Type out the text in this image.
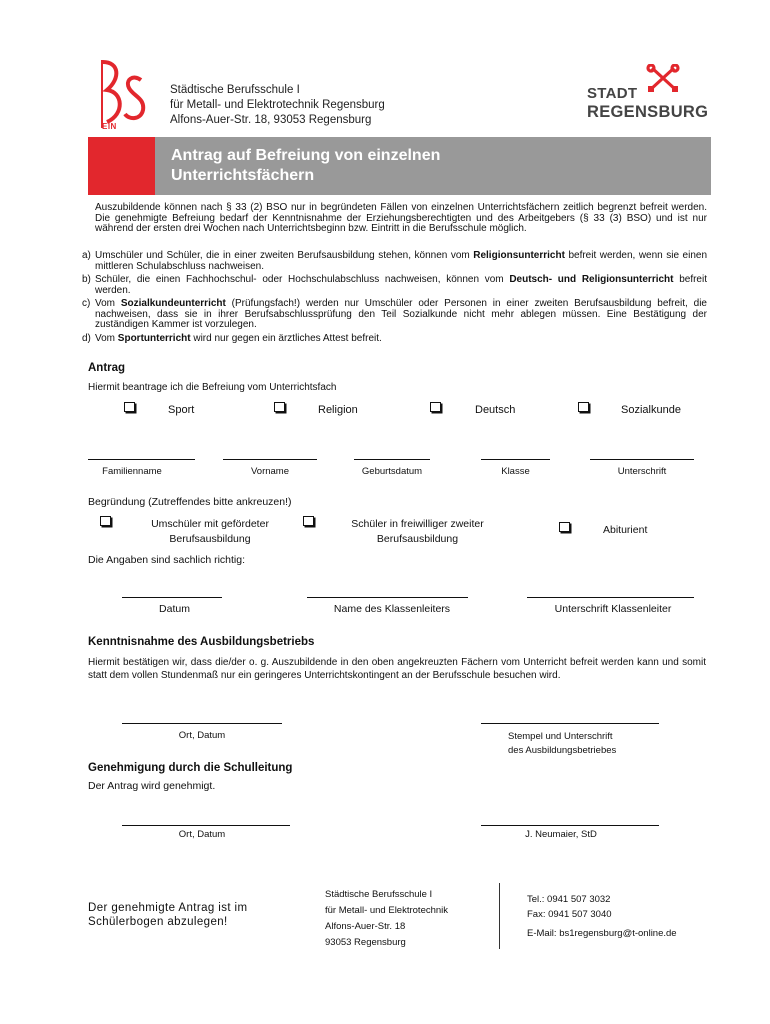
EIN
Städtische Berufsschule I
für Metall- und Elektrotechnik Regensburg
Alfons-Auer-Str. 18, 93053 Regensburg
STADT
REGENSBURG
Antrag auf Befreiung von einzelnen
Unterrichtsfächern
Auszubildende können nach § 33 (2) BSO nur in begründeten Fällen von einzelnen Unterrichtsfächern zeitlich begrenzt befreit werden. Die genehmigte Befreiung bedarf der Kenntnisnahme der Erziehungsberechtigten und des Arbeitgebers (§ 33 (3) BSO) und ist nur während der ersten drei Wochen nach Unterrichtsbeginn bzw. Eintritt in die Berufsschule möglich.
a) Umschüler und Schüler, die in einer zweiten Berufsausbildung stehen, können vom Religionsunterricht befreit werden, wenn sie einen mittleren Schulabschluss nachweisen.
b) Schüler, die einen Fachhochschul- oder Hochschulabschluss nachweisen, können vom Deutsch- und Religionsunterricht befreit werden.
c) Vom Sozialkundeunterricht (Prüfungsfach!) werden nur Umschüler oder Personen in einer zweiten Berufsausbildung befreit, die nachweisen, dass sie in ihrer Berufsabschlussprüfung den Teil Sozialkunde nicht mehr ablegen müssen. Eine Bestätigung der zuständigen Kammer ist vorzulegen.
d) Vom Sportunterricht wird nur gegen ein ärztliches Attest befreit.
Antrag
Hiermit beantrage ich die Befreiung vom Unterrichtsfach
Sport	Religion	Deutsch	Sozialkunde
Familienname	Vorname	Geburtsdatum	Klasse	Unterschrift
Begründung (Zutreffendes bitte ankreuzen!)
Umschüler mit gefördeter
Berufsausbildung
Schüler in freiwilliger zweiter
Berufsausbildung
Abiturient
Die Angaben sind sachlich richtig:
Datum	Name des Klassenleiters	Unterschrift Klassenleiter
Kenntnisnahme des Ausbildungsbetriebs
Hiermit bestätigen wir, dass die/der o. g. Auszubildende in den oben angekreuzten Fächern vom Unterricht befreit werden kann und somit statt dem vollen Stundenmaß nur ein geringeres Unterrichtskontingent an der Berufsschule besuchen wird.
Ort, Datum	Stempel und Unterschrift
des Ausbildungsbetriebes
Genehmigung durch die Schulleitung
Der Antrag wird genehmigt.
Ort, Datum	J. Neumaier, StD
Der genehmigte Antrag ist im
Schülerbogen abzulegen!
Städtische Berufsschule I
für Metall- und Elektrotechnik
Alfons-Auer-Str. 18
93053 Regensburg
Tel.: 0941 507 3032
Fax: 0941 507 3040
E-Mail: bs1regensburg@t-online.de
